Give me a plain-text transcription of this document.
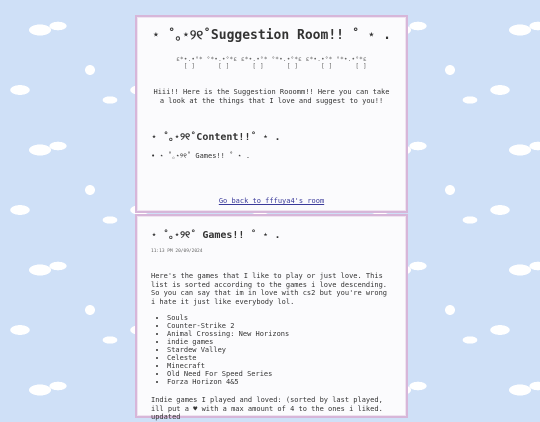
⋆ ˚｡⋆୨୧˚Suggestion Room!! ˚ ⋆ .
ε*•.•°* °*•.•°*ε ε*•.•°* °*•.•°*ε ε*•.•°* °*•.•°*ε
[ ]      [ ]      [ ]      [ ]      [ ]      [ ]
Hiii!! Here is the Suggestion Rooomm!! Here you can take a look at the things that I love and suggest to you!!
⋆ ˚｡⋆୨୧˚Content!!˚ ⋆ .
• ⋆ ˚｡⋆୨୧˚ Games!! ˚ ⋆ .
Go back to fffuya4's room
⋆ ˚｡⋆୨୧˚ Games!! ˚ ⋆ .
11:13 PM 20/09/2024
Here's the games that I like to play or just love. This list is sorted according to the games i love descending. So you can say that im in love with cs2 but you're wrong i hate it just like everybody lol.
• Souls
• Counter-Strike 2
• Animal Crossing: New Horizons
• indie games
• Stardew Valley
• Celeste
• Minecraft
• Old Need For Speed Series
• Forza Horizon 4&5
Indie games I played and loved: (sorted by last played, ill put a ♥ with a max amount of 4 to the ones i liked. updated
